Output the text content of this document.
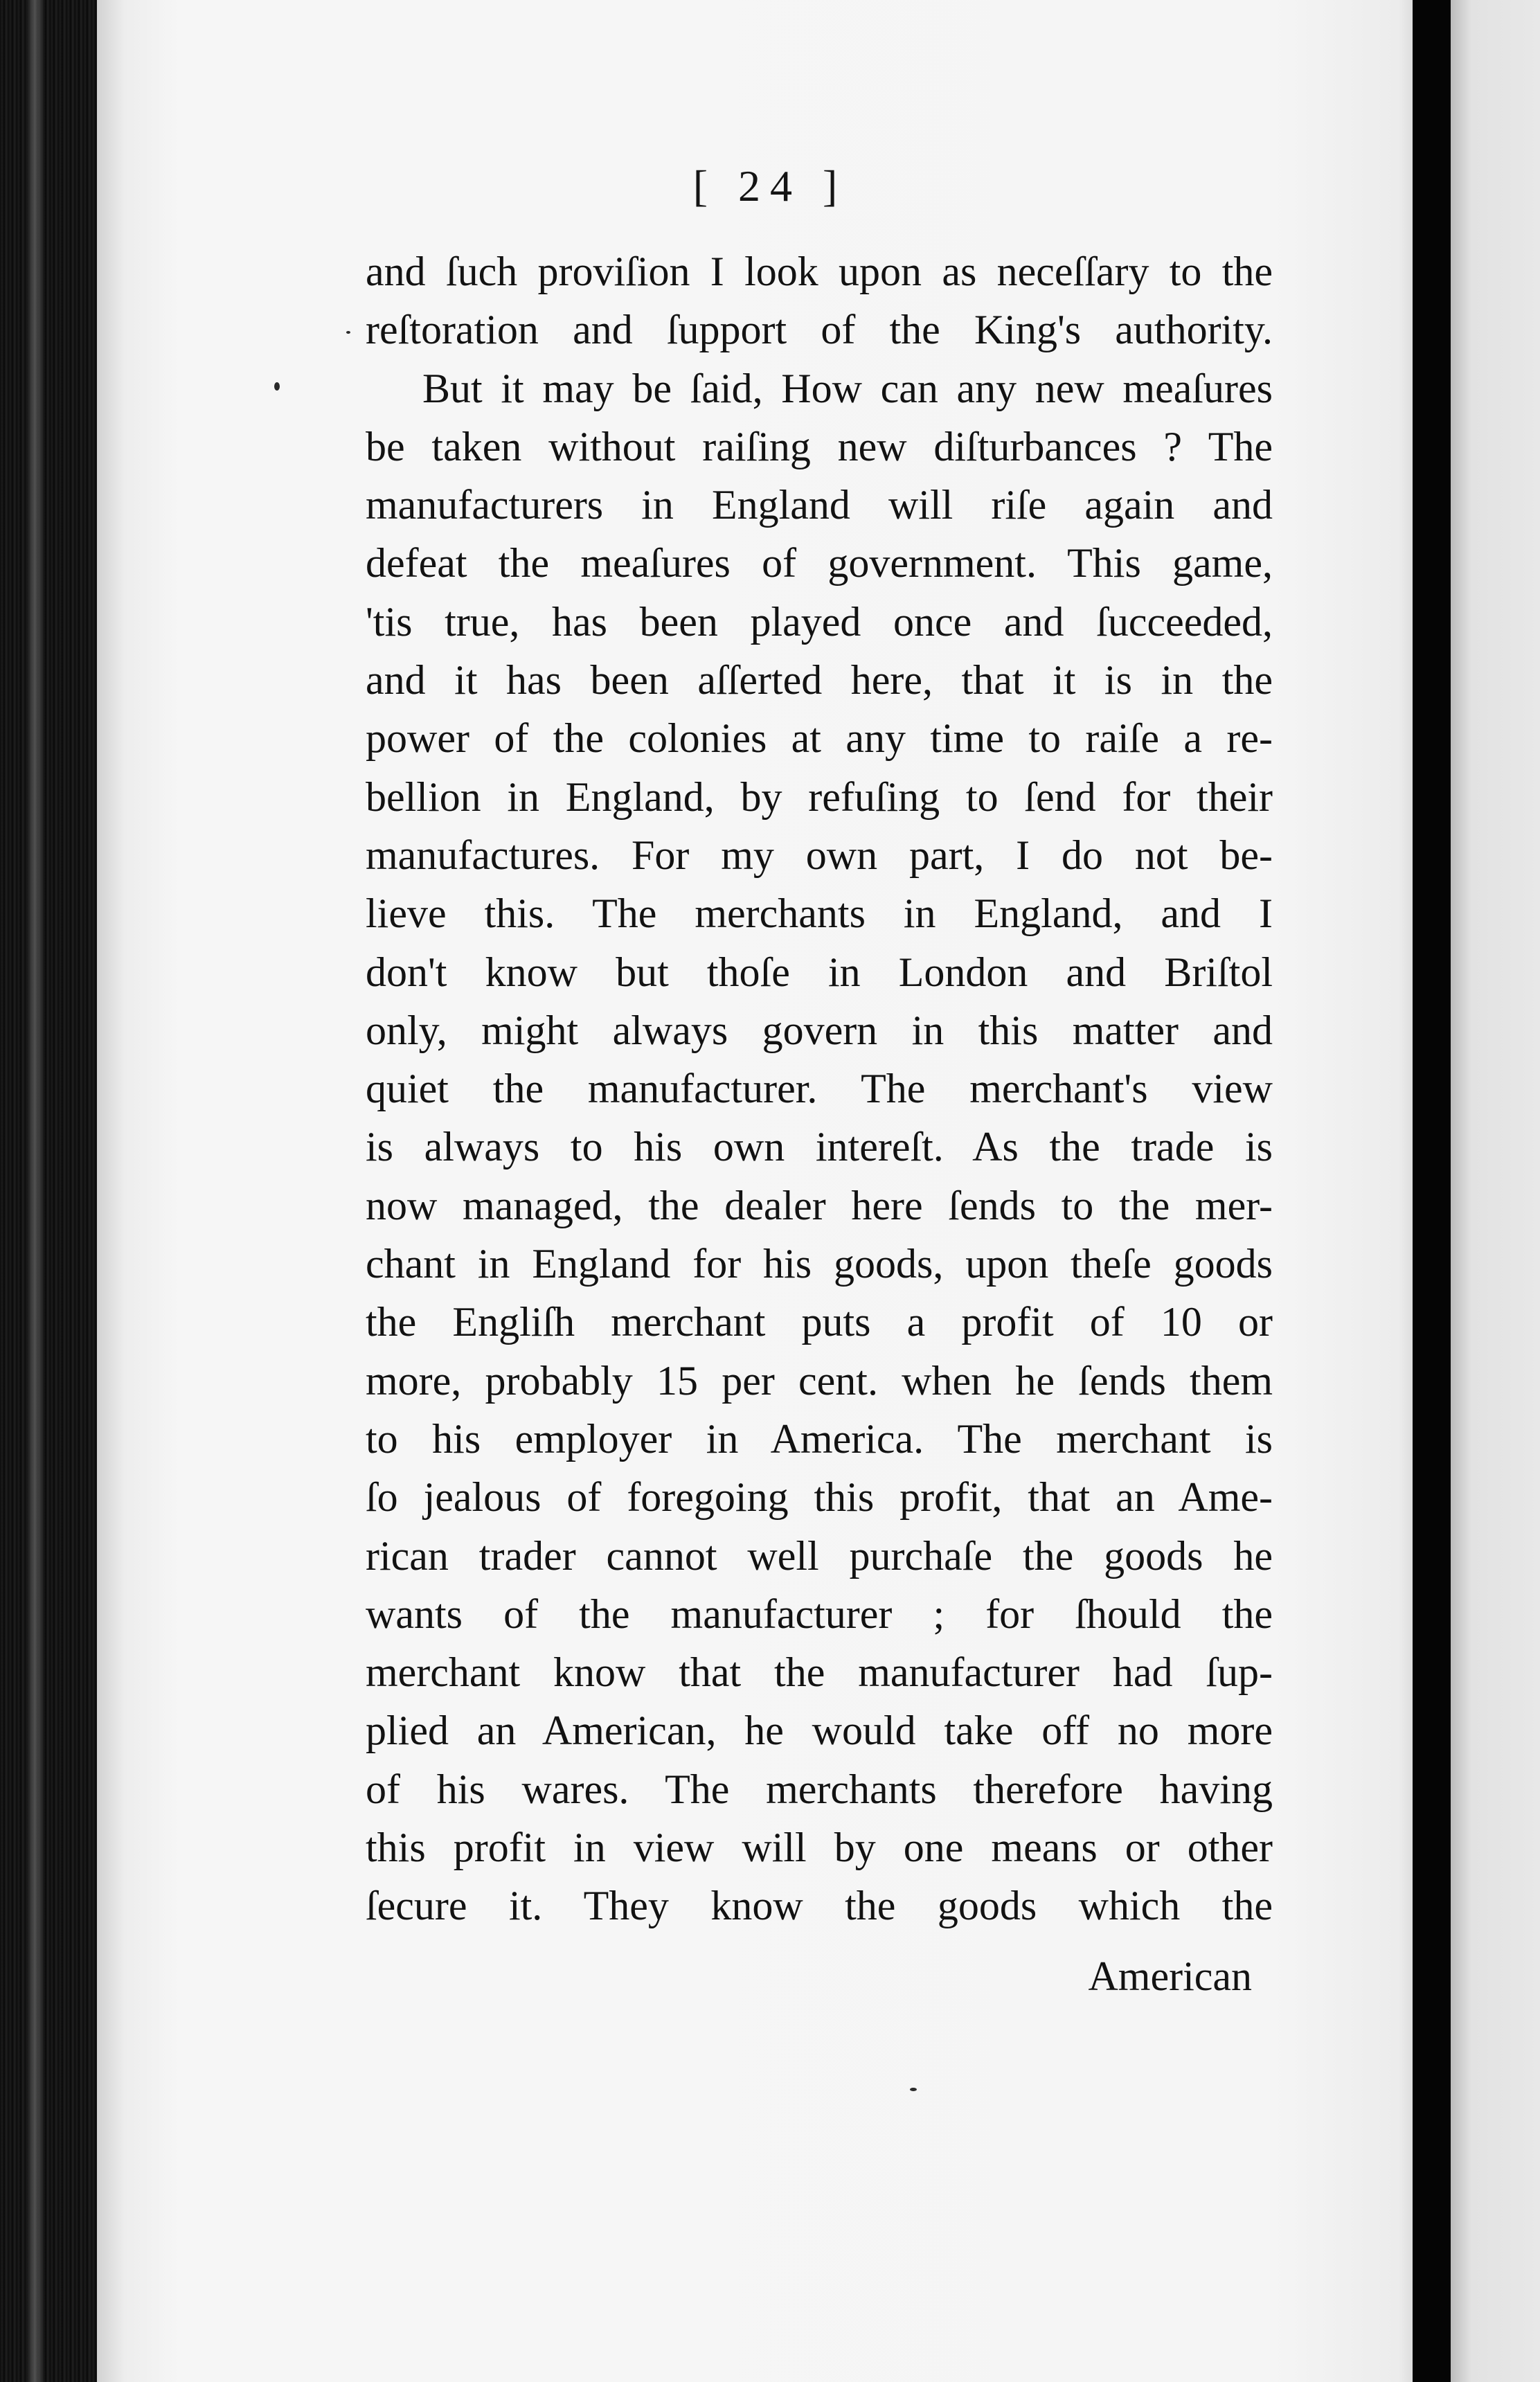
[ 24 ]
and ſuch proviſion I look upon as neceſſary to the
reſtoration and ſupport of the King's authority.
But it may be ſaid, How can any new meaſures
be taken without raiſing new diſturbances ? The
manufacturers in England will riſe again and
defeat the meaſures of government. This game,
'tis true, has been played once and ſucceeded,
and it has been aſſerted here, that it is in the
power of the colonies at any time to raiſe a re-
bellion in England, by refuſing to ſend for their
manufactures. For my own part, I do not be-
lieve this. The merchants in England, and I
don't know but thoſe in London and Briſtol
only, might always govern in this matter and
quiet the manufacturer. The merchant's view
is always to his own intereſt. As the trade is
now managed, the dealer here ſends to the mer-
chant in England for his goods, upon theſe goods
the Engliſh merchant puts a profit of 10 or
more, probably 15 per cent. when he ſends them
to his employer in America. The merchant is
ſo jealous of foregoing this profit, that an Ame-
rican trader cannot well purchaſe the goods he
wants of the manufacturer ; for ſhould the
merchant know that the manufacturer had ſup-
plied an American, he would take off no more
of his wares. The merchants therefore having
this profit in view will by one means or other
ſecure it. They know the goods which the
American
